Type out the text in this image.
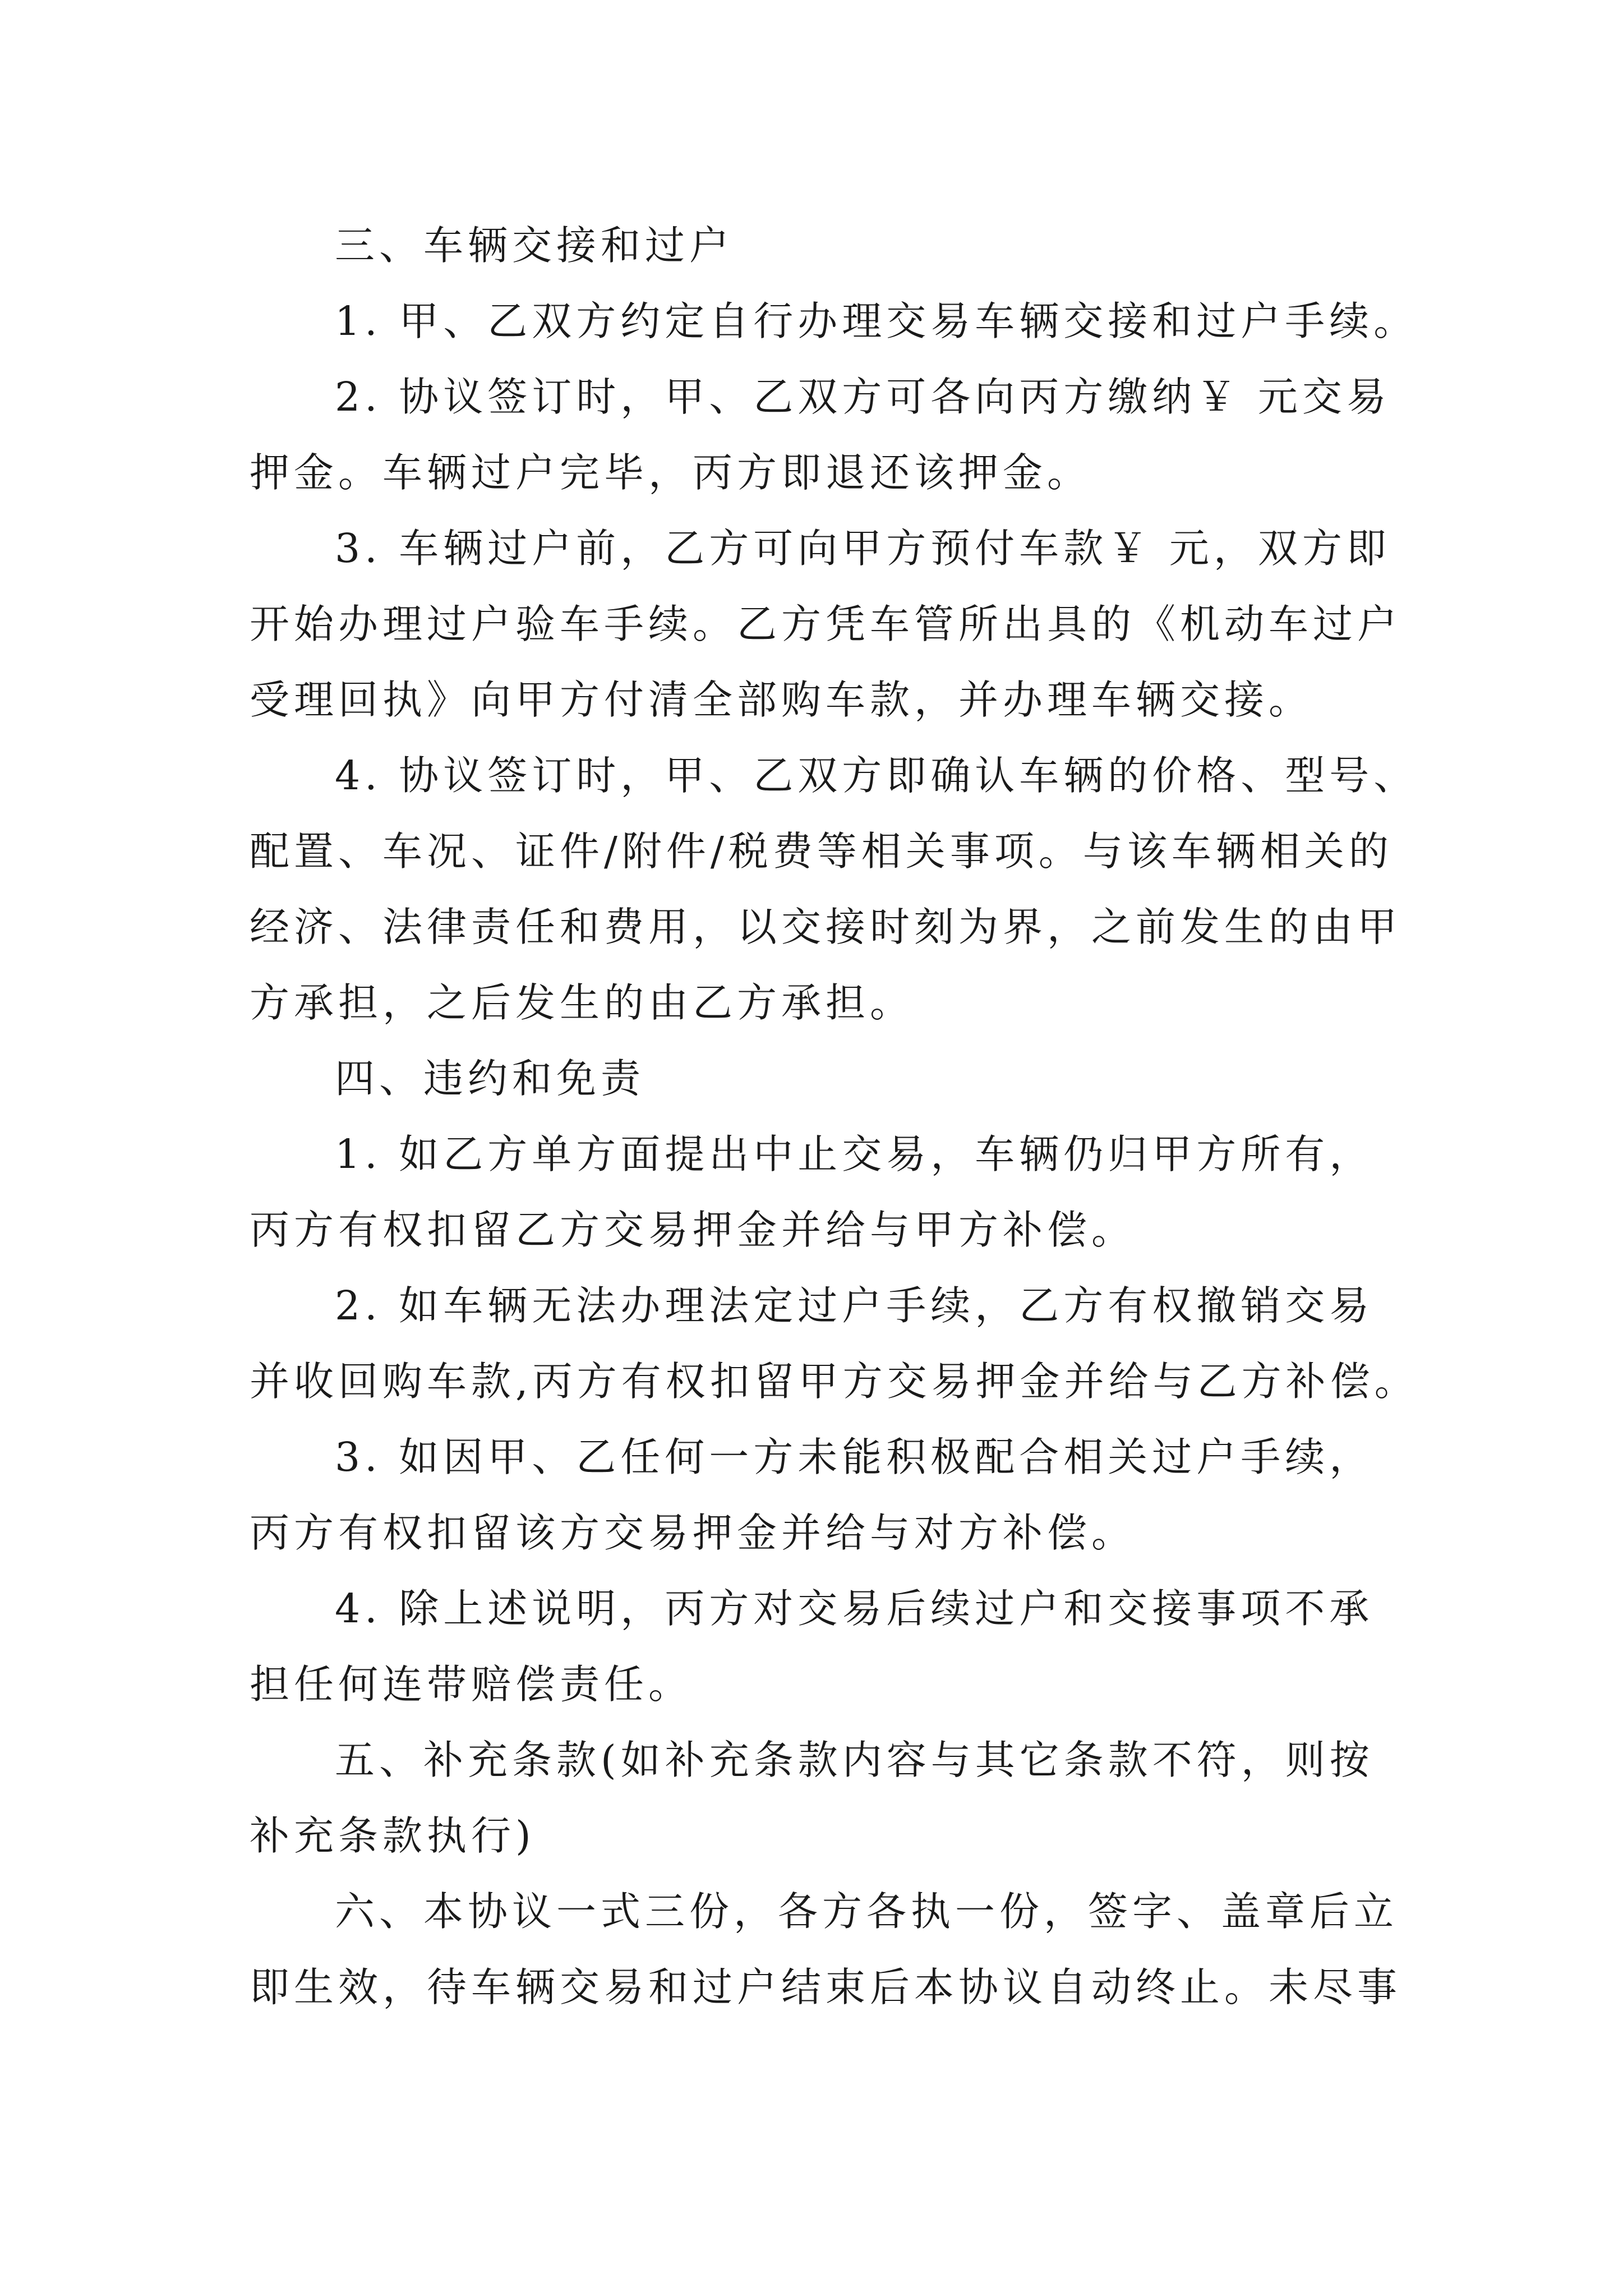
三、车辆交接和过户
1. 甲、乙双方约定自行办理交易车辆交接和过户手续。
2. 协议签订时，甲、乙双方可各向丙方缴纳￥ 元交易
押金。车辆过户完毕，丙方即退还该押金。
3. 车辆过户前，乙方可向甲方预付车款￥ 元，双方即
开始办理过户验车手续。乙方凭车管所出具的《机动车过户
受理回执》向甲方付清全部购车款，并办理车辆交接。
4. 协议签订时，甲、乙双方即确认车辆的价格、型号、
配置、车况、证件/附件/税费等相关事项。与该车辆相关的
经济、法律责任和费用，以交接时刻为界，之前发生的由甲
方承担，之后发生的由乙方承担。
四、违约和免责
1. 如乙方单方面提出中止交易，车辆仍归甲方所有，
丙方有权扣留乙方交易押金并给与甲方补偿。
2. 如车辆无法办理法定过户手续，乙方有权撤销交易
并收回购车款,丙方有权扣留甲方交易押金并给与乙方补偿。
3. 如因甲、乙任何一方未能积极配合相关过户手续，
丙方有权扣留该方交易押金并给与对方补偿。
4. 除上述说明，丙方对交易后续过户和交接事项不承
担任何连带赔偿责任。
五、补充条款(如补充条款内容与其它条款不符，则按
补充条款执行)
六、本协议一式三份，各方各执一份，签字、盖章后立
即生效，待车辆交易和过户结束后本协议自动终止。未尽事
